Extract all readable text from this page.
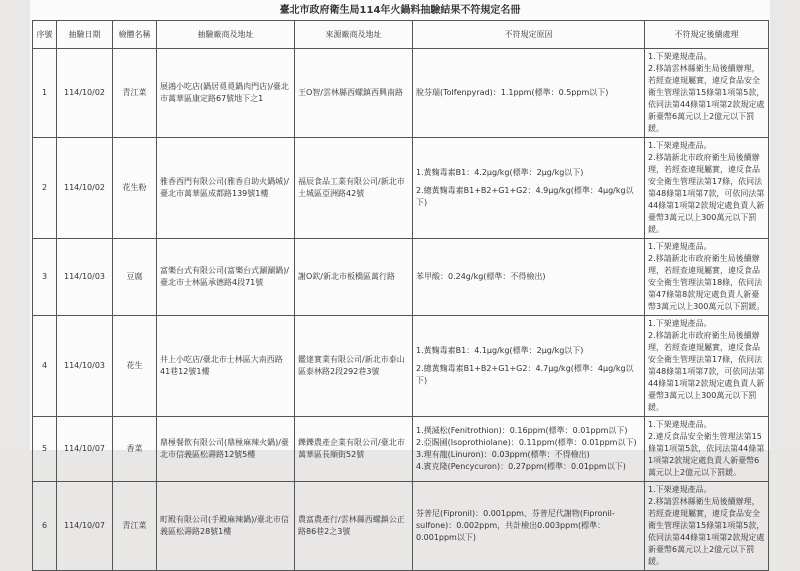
臺北市政府衛生局114年火鍋料抽驗結果不符規定名冊
序號	抽驗日期	檢體名稱	抽驗廠商及地址	來源廠商及地址	不符規定原因	不符規定後續處理
1	114/10/02	青江菜	展鴻小吃店(鍋居覓覓鍋肉門店)/臺北市萬華區康定路67號地下之1	王O智/雲林縣西螺鎮西興南路	脫芬瑞(Tolfenpyrad)：1.1ppm(標準：0.5ppm以下)	1.下架違規產品。
2.移請雲林縣衛生局後續辦理，若經查違規屬實，違反食品安全衛生管理法第15條第1項第5款，依同法第44條第1項第2款規定處新臺幣6萬元以上2億元以下罰鍰。

2	114/10/02	花生粉	雅香西門有限公司(雅香自助火鍋城)/臺北市萬華區成都路139號1樓	福辰食品工業有限公司/新北市土城區亞洲路42號	1.黃麴毒素B1：4.2μg/kg(標準：2μg/kg以下)
2.總黃麴毒素B1+B2+G1+G2：4.9μg/kg(標準：4μg/kg以下)	1.下架違規產品。
2.移請新北市政府衛生局後續辦理，若經查違規屬實，違反食品安全衛生管理法第17條，依同法第48條第1項第7款，可依同法第44條第1項第2款規定處負責人新臺幣3萬元以上300萬元以下罰鍰。

3	114/10/03	豆腐	富樂台式有限公司(富樂台式涮涮鍋)/臺北市士林區承德路4段71號	謝O欽/新北市板橋區萬行路	苯甲酸：0.24g/kg(標準：不得檢出)	1.下架違規產品。
2.移請新北市政府衛生局後續辦理，若經查違規屬實，違反食品安全衛生管理法第18條，依同法第47條第8款規定處負責人新臺幣3萬元以上300萬元以下罰鍰。

4	114/10/03	花生	井上小吃店/臺北市士林區大南西路41巷12號1樓	鑑達實業有限公司/新北市泰山區泰林路2段292巷3號	1.黃麴毒素B1：4.1μg/kg(標準：2μg/kg以下)
2.總黃麴毒素B1+B2+G1+G2：4.7μg/kg(標準：4μg/kg以下)	1.下架違規產品。
2.移請新北市政府衛生局後續辦理，若經查違規屬實，違反食品安全衛生管理法第17條，依同法第48條第1項第7款，可依同法第44條第1項第2款規定處負責人新臺幣3萬元以上300萬元以下罰鍰。

5	114/10/07	香菜	鼎極餐飲有限公司(鼎極麻辣火鍋)/臺北市信義區松壽路12號5樓	鑠鑠農產企業有限公司/臺北市萬華區長順街52號	1.撲滅松(Fenitrothion)：0.16ppm(標準：0.01ppm以下)
2.亞賜圃(Isoprothiolane)：0.11ppm(標準：0.01ppm以下)
3.理有龍(Linuron)：0.03ppm(標準：不得檢出)
4.賓克隆(Pencycuron)：0.27ppm(標準：0.01ppm以下)	1.下架違規產品。
2.違反食品安全衛生管理法第15條第1項第5款，依同法第44條第1項第2款規定處負責人新臺幣6萬元以上2億元以下罰鍰。

6	114/10/07	青江菜	町殿有限公司(手殿麻辣鍋)/臺北市信義區松壽路28號1樓	農富農產行/雲林縣西螺鎮公正路86巷2之3號	芬普尼(Fipronil)：0.001ppm、芬普尼代謝物(Fipronil-sulfone)：0.002ppm，共計檢出0.003ppm(標準：0.001ppm以下)	1.下架違規產品。
2.移請雲林縣衛生局後續辦理，若經查違規屬實，違反食品安全衛生管理法第15條第1項第5款，依同法第44條第1項第2款規定處新臺幣6萬元以上2億元以下罰鍰。
